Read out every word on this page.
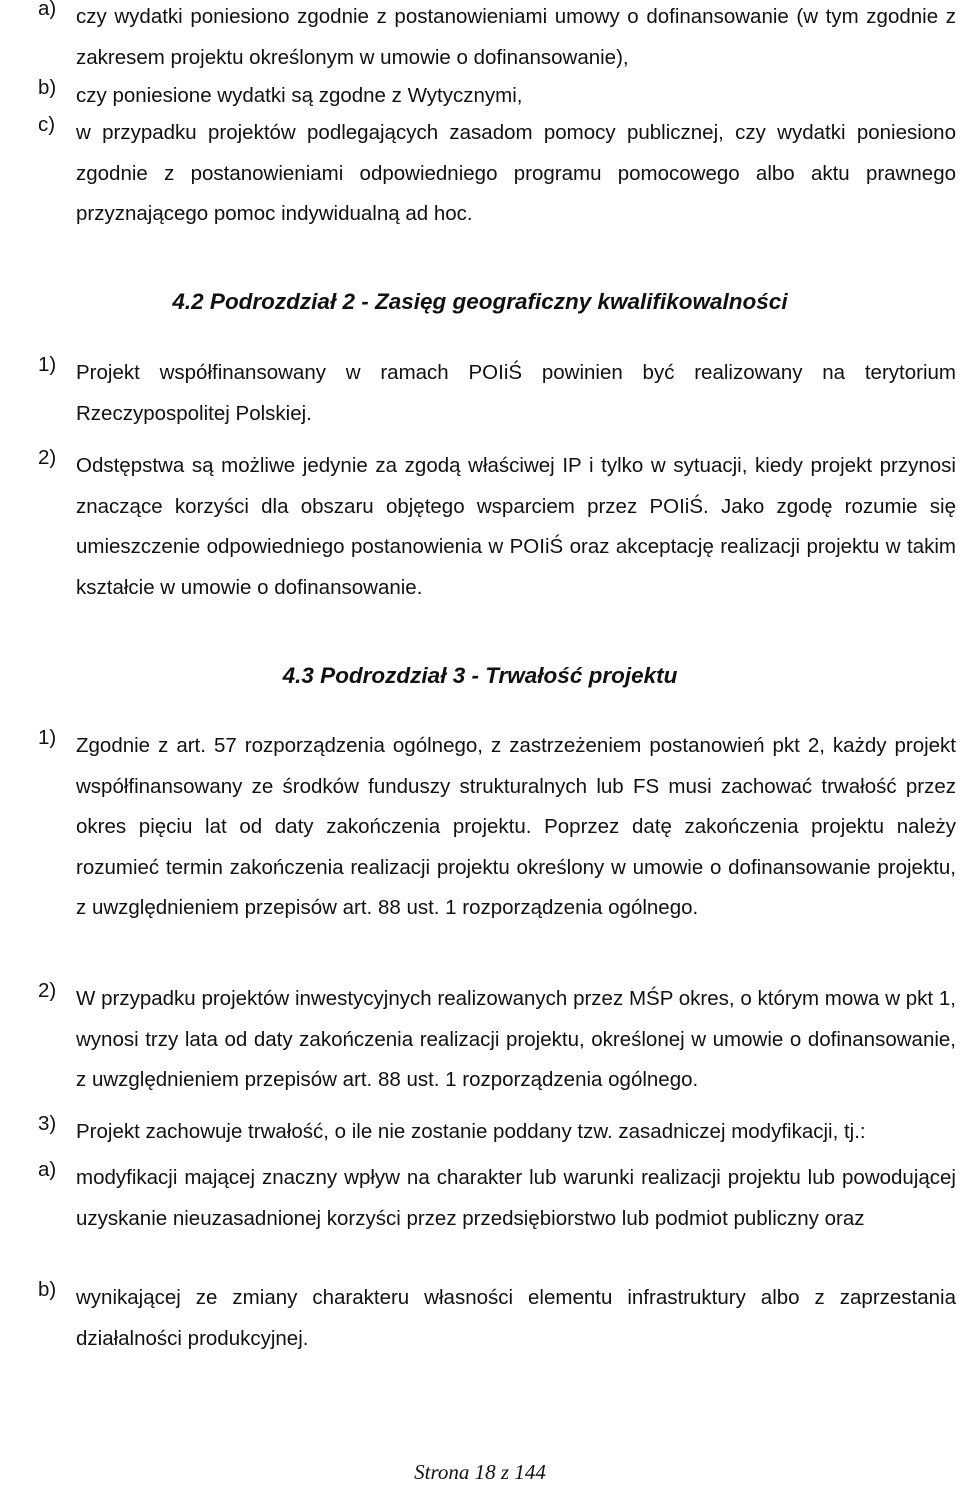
a) czy wydatki poniesiono zgodnie z postanowieniami umowy o dofinansowanie (w tym zgodnie z zakresem projektu określonym w umowie o dofinansowanie),
b) czy poniesione wydatki są zgodne z Wytycznymi,
c)	w przypadku projektów podlegających zasadom pomocy publicznej, czy wydatki poniesiono zgodnie z postanowieniami odpowiedniego programu pomocowego albo aktu prawnego przyznającego pomoc indywidualną ad hoc.
4.2 Podrozdział 2 - Zasięg geograficzny kwalifikowalności
1) Projekt współfinansowany w ramach POIiŚ powinien być realizowany na terytorium Rzeczypospolitej Polskiej.
2) Odstępstwa są możliwe jedynie za zgodą właściwej IP i tylko w sytuacji, kiedy projekt przynosi znaczące korzyści dla obszaru objętego wsparciem przez POIiŚ. Jako zgodę rozumie się umieszczenie odpowiedniego postanowienia w POIiŚ oraz akceptację realizacji projektu w takim kształcie w umowie o dofinansowanie.
4.3 Podrozdział 3 - Trwałość projektu
1) Zgodnie z art. 57 rozporządzenia ogólnego, z zastrzeżeniem postanowień pkt 2, każdy projekt współfinansowany ze środków funduszy strukturalnych lub FS musi zachować trwałość przez okres pięciu lat od daty zakończenia projektu. Poprzez datę zakończenia projektu należy rozumieć termin zakończenia realizacji projektu określony w umowie o dofinansowanie projektu, z uwzględnieniem przepisów art. 88 ust. 1 rozporządzenia ogólnego.
2) W przypadku projektów inwestycyjnych realizowanych przez MŚP okres, o którym mowa w pkt 1, wynosi trzy lata od daty zakończenia realizacji projektu, określonej w umowie o dofinansowanie, z uwzględnieniem przepisów art. 88 ust. 1 rozporządzenia ogólnego.
3) Projekt zachowuje trwałość, o ile nie zostanie poddany tzw. zasadniczej modyfikacji, tj.:
a) modyfikacji mającej znaczny wpływ na charakter lub warunki realizacji projektu lub powodującej uzyskanie nieuzasadnionej korzyści przez przedsiębiorstwo lub podmiot publiczny oraz
b) wynikającej ze zmiany charakteru własności elementu infrastruktury albo z zaprzestania działalności produkcyjnej.
Strona 18 z 144
